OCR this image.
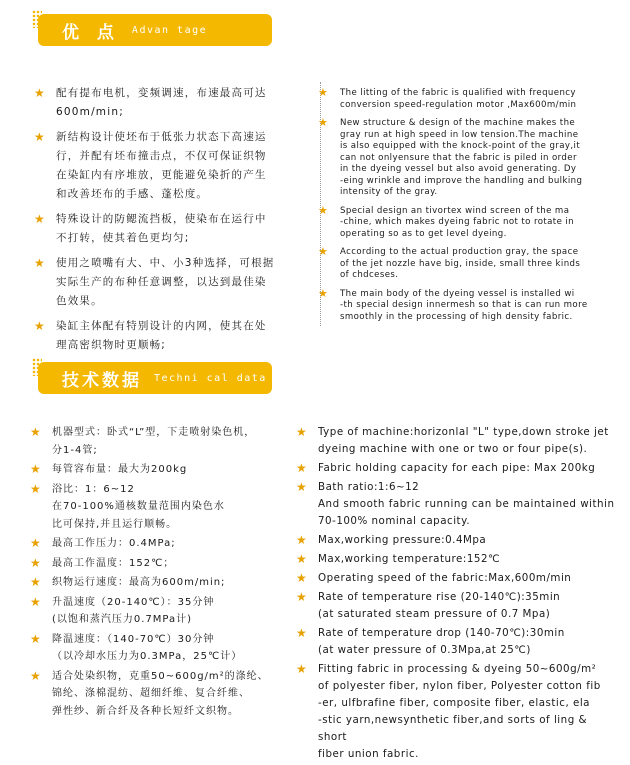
优 点 Advan tage
★ 配有提布电机，变频调速，布速最高可达

600m/min;

★ 新结构设计使坯布于低张力状态下高速运

行，并配有坯布撞击点，不仅可保证织物

在染缸内有序堆放，更能避免染折的产生

和改善坯布的手感、蓬松度。

★ 特殊设计的防鳃流挡板，使染布在运行中

不打转，使其着色更均匀;

★ 使用之喷嘴有大、中、小3种选择，可根据

实际生产的布种任意调整，以达到最佳染

色效果。

★ 染缸主体配有特别设计的内网，使其在处

理高密织物时更顺畅;

★ The litting of the fabric is qualified with frequency

conversion speed-regulation motor ,Max600m/min

★ New structure & design of the machine makes the

gray run at high speed in low tension.The machine

is also equipped with the knock-point of the gray,it

can not onlyensure that the fabric is piled in order

in the dyeing vessel but also avoid generating. Dy

-eing wrinkle and improve the handling and bulking

intensity of the gray.

★ Special design an tivortex wind screen of the ma

-chine, which makes dyeing fabric not to rotate in

operating so as to get level dyeing.

★ According to the actual production gray, the space

of the jet nozzle have big, inside, small three kinds

of chdceses.

★ The main body of the dyeing vessel is installed wi

-th special design innermesh so that is can run more

smoothly in the processing of high density fabric.

技术数据 Techni cal data
★ 机器型式：卧式“L”型，下走喷射染色机，

分1-4管;

★ 每管容布量：最大为200kg

★ 浴比：1：6~12

在70-100%通核数量范围内染色水

比可保持,并且运行顺畅。

★ 最高工作压力：0.4MPa;

★ 最高工作温度：152℃；

★ 织物运行速度：最高为600m/min;

★ 升温速度（20-140℃）：35分钟

(以饱和蒸汽压力0.7MPa计)

★ 降温速度：（140-70℃）30分钟

（以冷却水压力为0.3MPa，25℃计）

★ 适合处染织物，克重50~600g/m²的涤纶、

锦纶、涤棉混纺、超细纤维、复合纤维、

弹性纱、新合纤及各种长短纤文织物。

★ Type of machine:horizonlal "L" type,down stroke jet

dyeing machine with one or two or four pipe(s).

★ Fabric holding capacity for each pipe: Max 200kg

★ Bath ratio:1:6~12

And smooth fabric running can be maintained within

70-100% nominal capacity.

★ Max,working pressure:0.4Mpa

★ Max,working temperature:152℃

★ Operating speed of the fabric:Max,600m/min

★ Rate of temperature rise (20-140℃):35min

(at saturated steam pressure of 0.7 Mpa)

★ Rate of temperature drop (140-70℃):30min

(at water pressure of 0.3Mpa,at 25℃)

★ Fitting fabric in processing & dyeing 50~600g/m²

of polyester fiber, nylon fiber, Polyester cotton fib

-er, ulfbrafine fiber, composite fiber, elastic, ela

-stic yarn,newsynthetic fiber,and sorts of ling & short

fiber union fabric.
